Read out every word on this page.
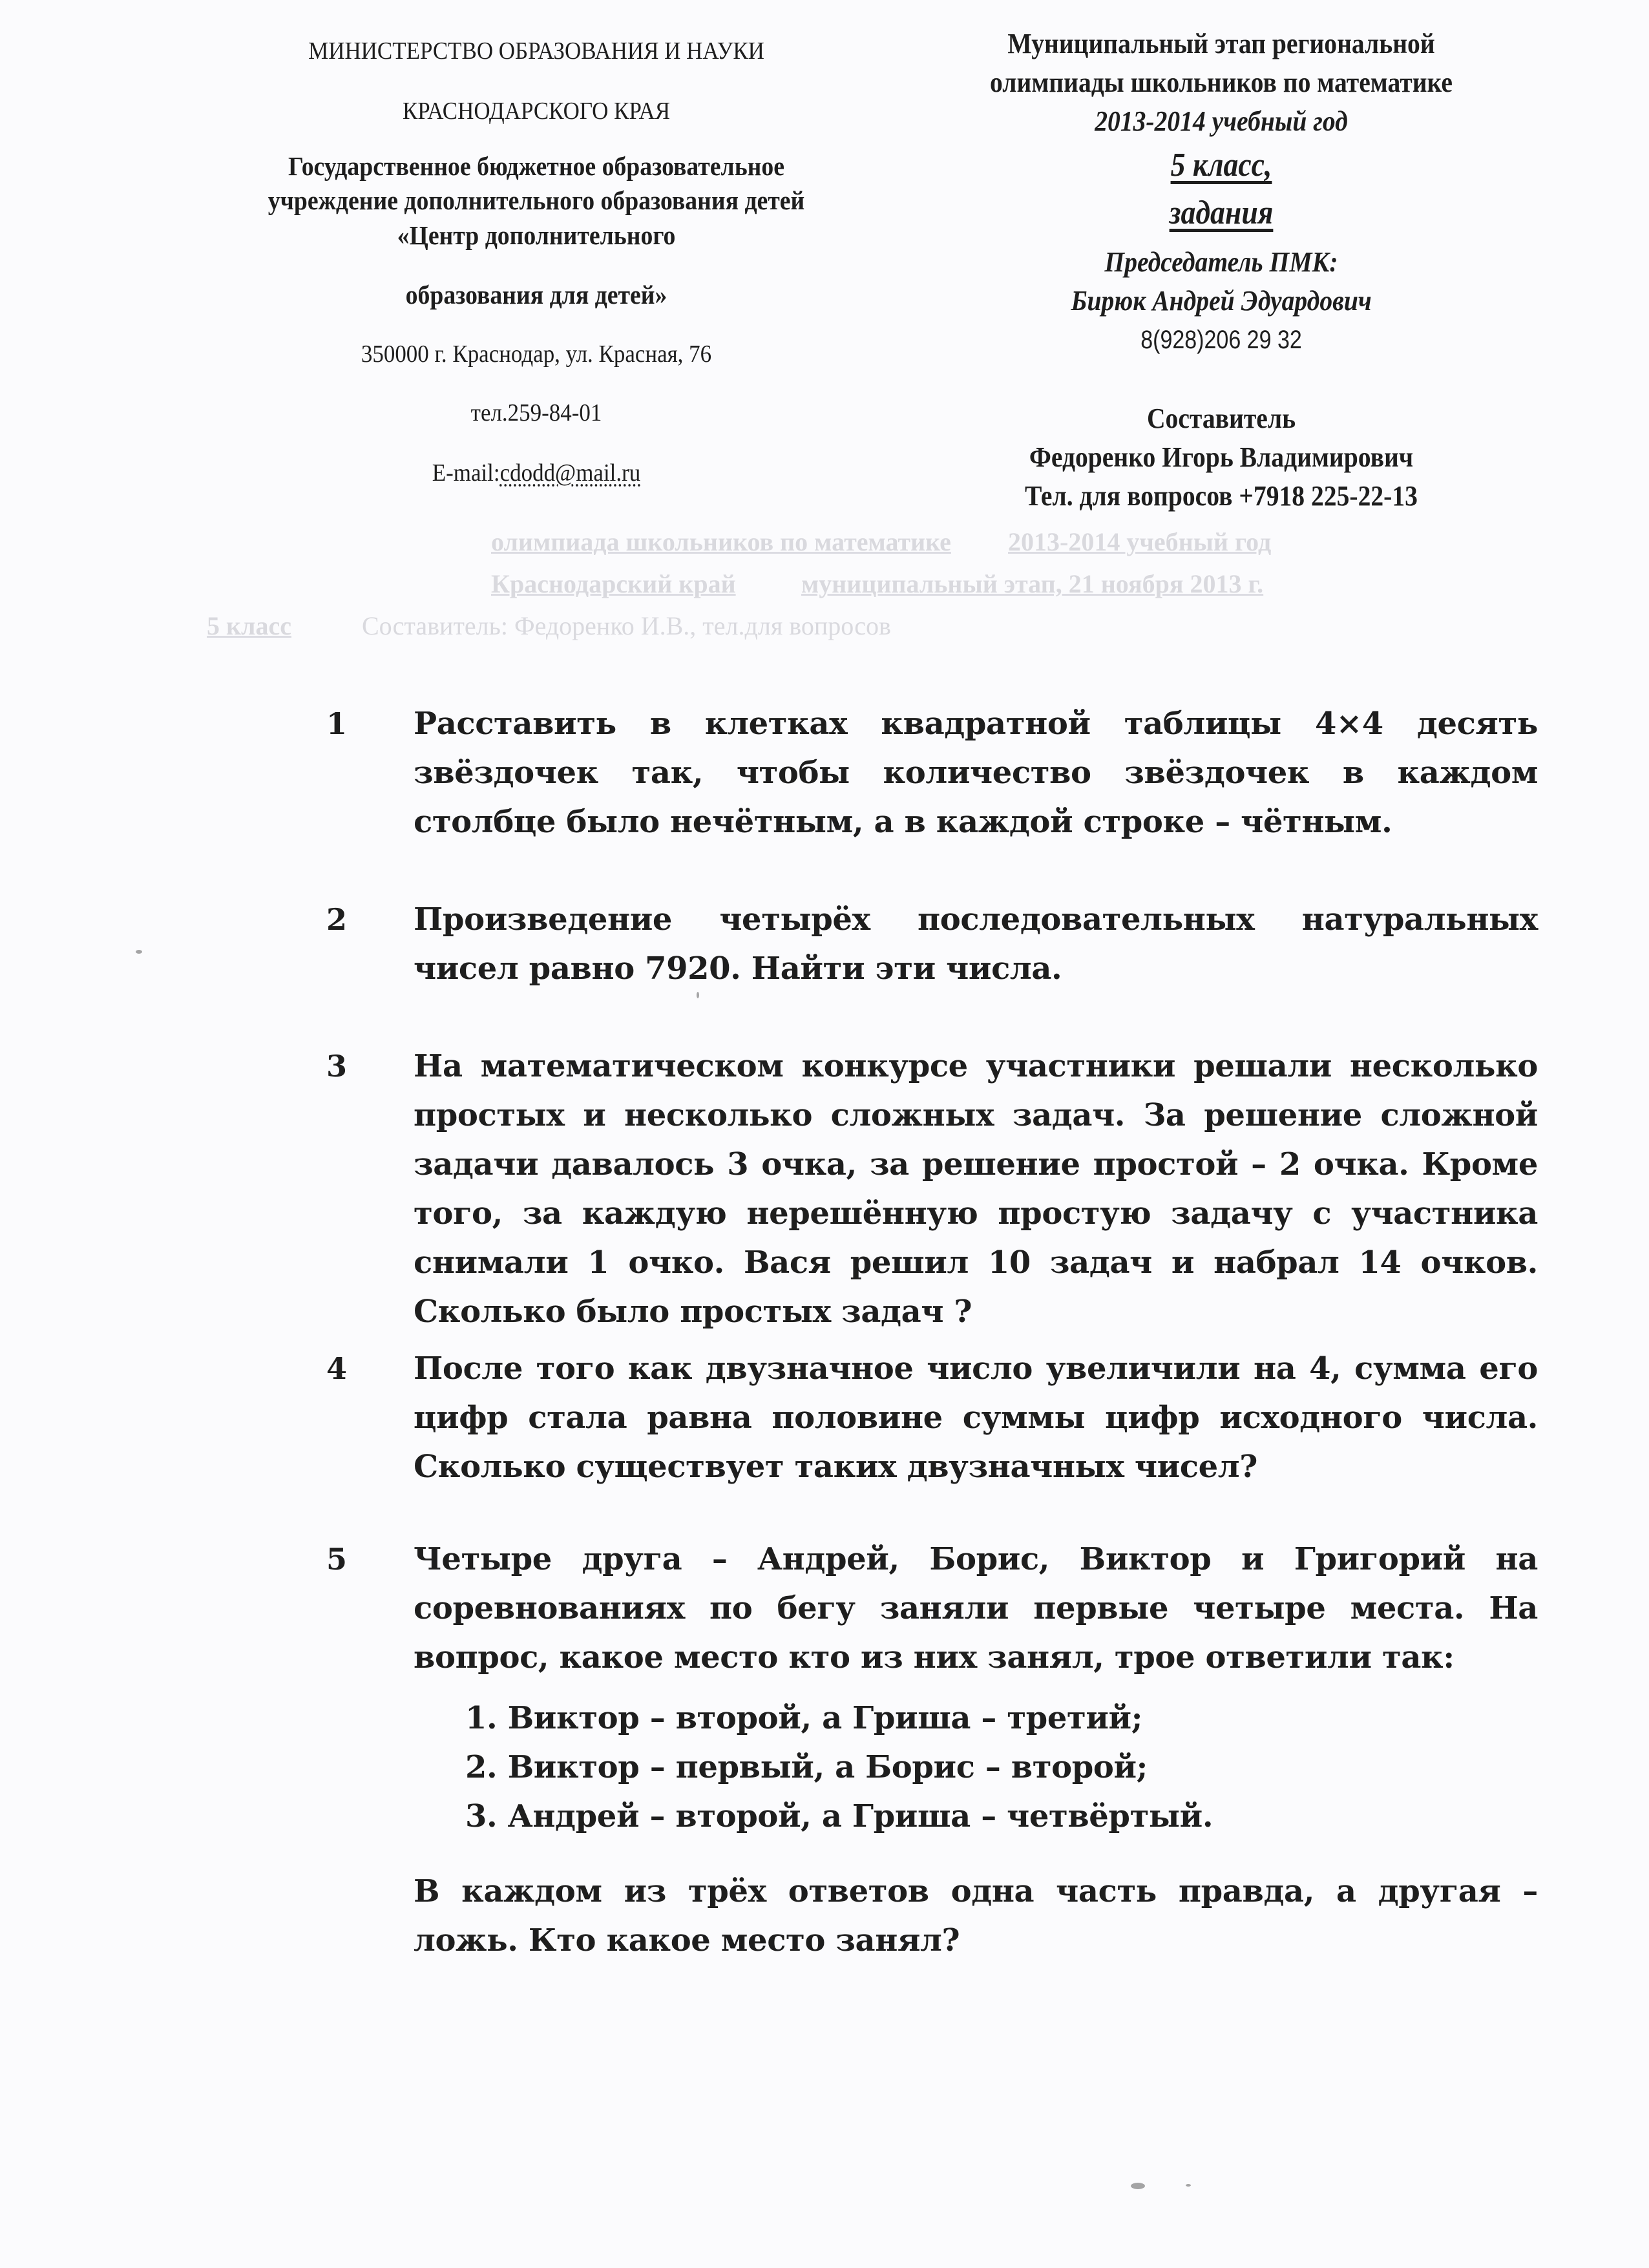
МИНИСТЕРСТВО ОБРАЗОВАНИЯ И НАУКИ
КРАСНОДАРСКОГО КРАЯ
Государственное бюджетное образовательное
учреждение дополнительного образования детей
«Центр дополнительного
образования для детей»
350000 г. Краснодар, ул. Красная, 76
тел.259-84-01
E-mail:cdodd@mail.ru
Муниципальный этап региональной
олимпиады школьников по математике
2013-2014 учебный год
5 класс,
задания
Председатель ПМК:
Бирюк Андрей Эдуардович
8(928)206 29 32
Составитель
Федоренко Игорь Владимирович
Тел. для вопросов +7918 225-22-13
олимпиада школьников по математике 2013-2014 учебный год
Краснодарский край	муниципальный этап, 21 ноября 2013 г.
5 класс	Составитель: Федоренко И.В., тел.для вопросов
1	Расставить в клетках квадратной таблицы 4×4 десять звёздочек так, чтобы количество звёздочек в каждом столбце было нечётным, а в каждой строке – чётным.

2	Произведение четырёх последовательных натуральных чисел равно 7920. Найти эти числа.

3	На математическом конкурсе участники решали несколько простых и несколько сложных задач. За решение сложной задачи давалось 3 очка, за решение простой – 2 очка. Кроме того, за каждую нерешённую простую задачу с участника снимали 1 очко. Вася решил 10 задач и набрал 14 очков. Сколько было простых задач ?

4	После того как двузначное число увеличили на 4, сумма его цифр стала равна половине суммы цифр исходного числа. Сколько существует таких двузначных чисел?

5	Четыре друга – Андрей, Борис, Виктор и Григорий на соревнованиях по бегу заняли первые четыре места. На вопрос, какое место кто из них занял, трое ответили так:

1. Виктор – второй, а Гриша – третий;
2. Виктор – первый, а Борис – второй;
3. Андрей – второй, а Гриша – четвёртый.

В каждом из трёх ответов одна часть правда, а другая – ложь. Кто какое место занял?
